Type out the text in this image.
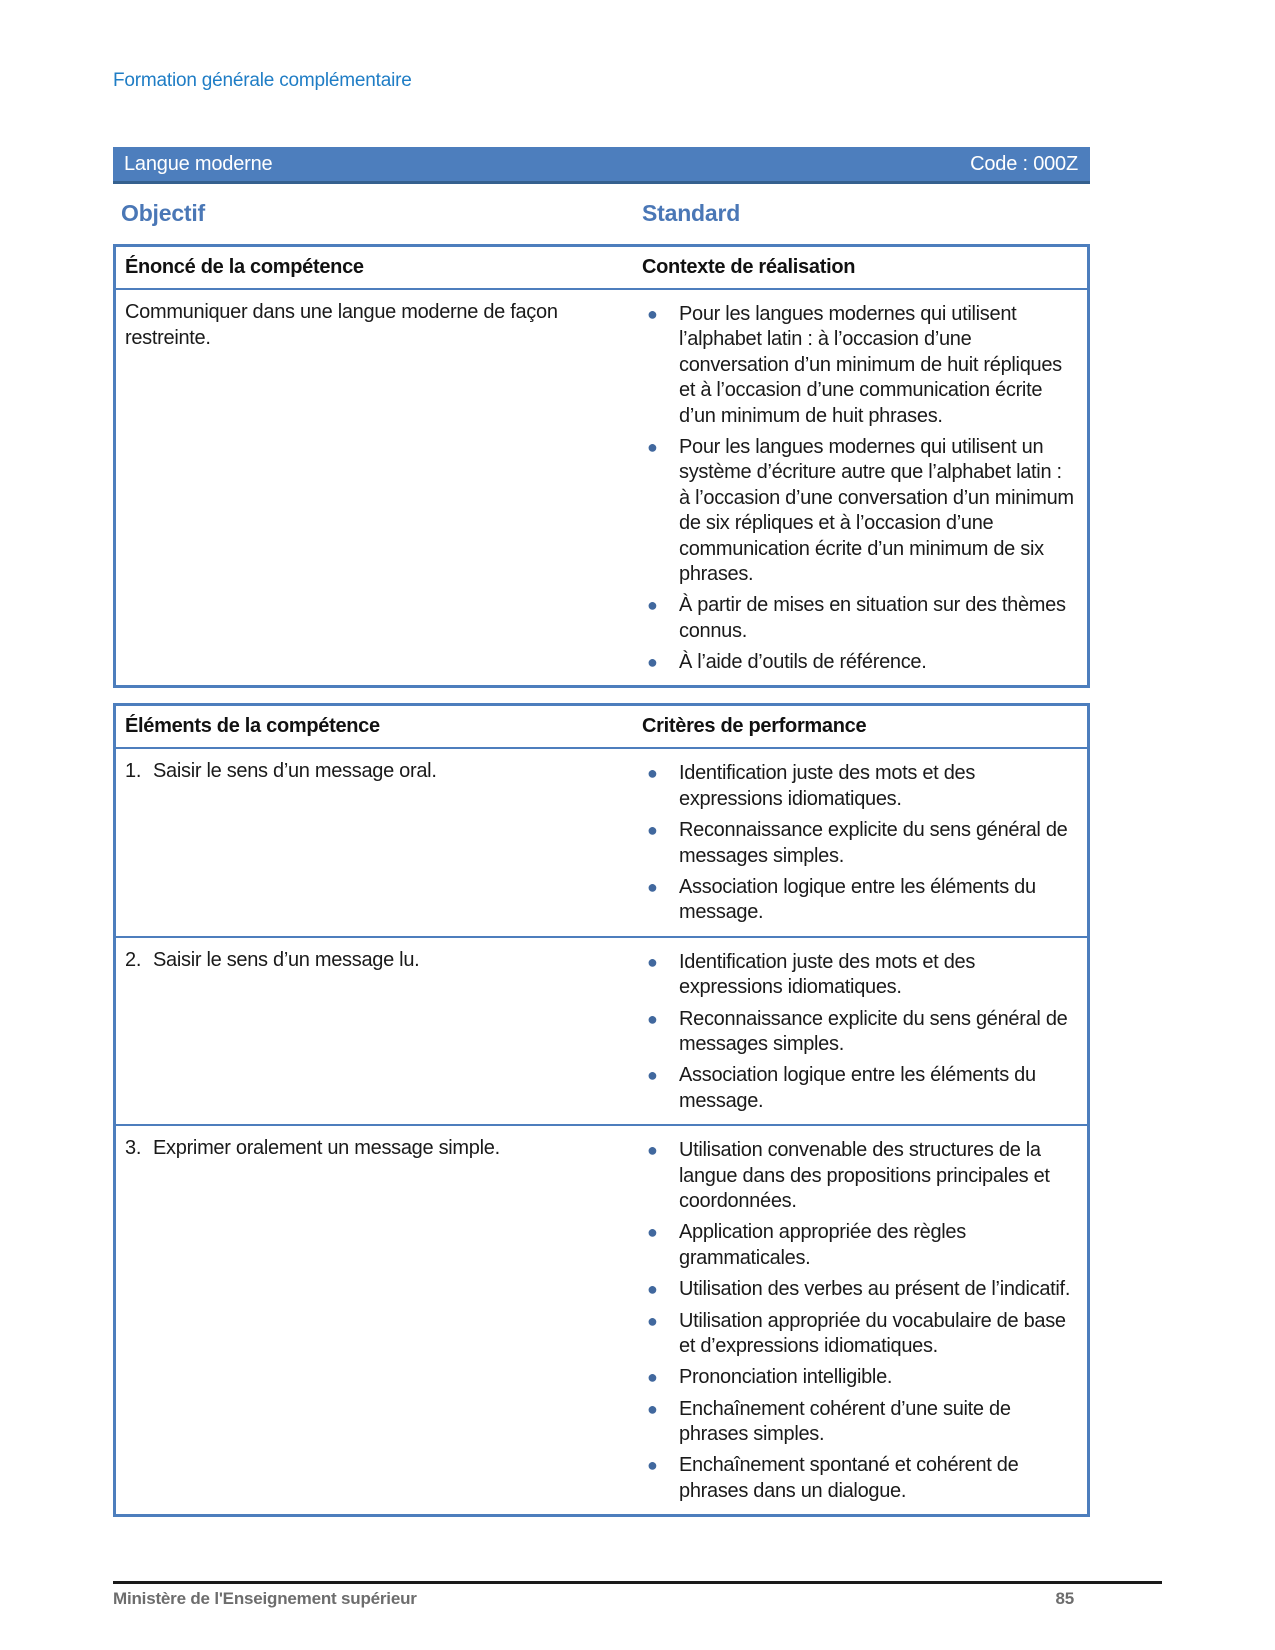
Formation générale complémentaire
Langue moderne	Code : 000Z
Objectif	Standard
Énoncé de la compétence	Contexte de réalisation
Communiquer dans une langue moderne de façon restreinte.
●	Pour les langues modernes qui utilisent l’alphabet latin : à l’occasion d’une conversation d’un minimum de huit répliques et à l’occasion d’une communication écrite d’un minimum de huit phrases.
●	Pour les langues modernes qui utilisent un système d’écriture autre que l’alphabet latin : à l’occasion d’une conversation d’un minimum de six répliques et à l’occasion d’une communication écrite d’un minimum de six phrases.
●	À partir de mises en situation sur des thèmes connus.
●	À l’aide d’outils de référence.
Éléments de la compétence	Critères de performance
1. Saisir le sens d’un message oral.	●	Identification juste des mots et des expressions idiomatiques.
●	Reconnaissance explicite du sens général de messages simples.
●	Association logique entre les éléments du message.
2. Saisir le sens d’un message lu.	●	Identification juste des mots et des expressions idiomatiques.
●	Reconnaissance explicite du sens général de messages simples.
●	Association logique entre les éléments du message.
3. Exprimer oralement un message simple.	●	Utilisation convenable des structures de la langue dans des propositions principales et coordonnées.
●	Application appropriée des règles grammaticales.
●	Utilisation des verbes au présent de l’indicatif.
●	Utilisation appropriée du vocabulaire de base et d’expressions idiomatiques.
●	Prononciation intelligible.
●	Enchaînement cohérent d’une suite de phrases simples.
●	Enchaînement spontané et cohérent de phrases dans un dialogue.
Ministère de l'Enseignement supérieur	85
